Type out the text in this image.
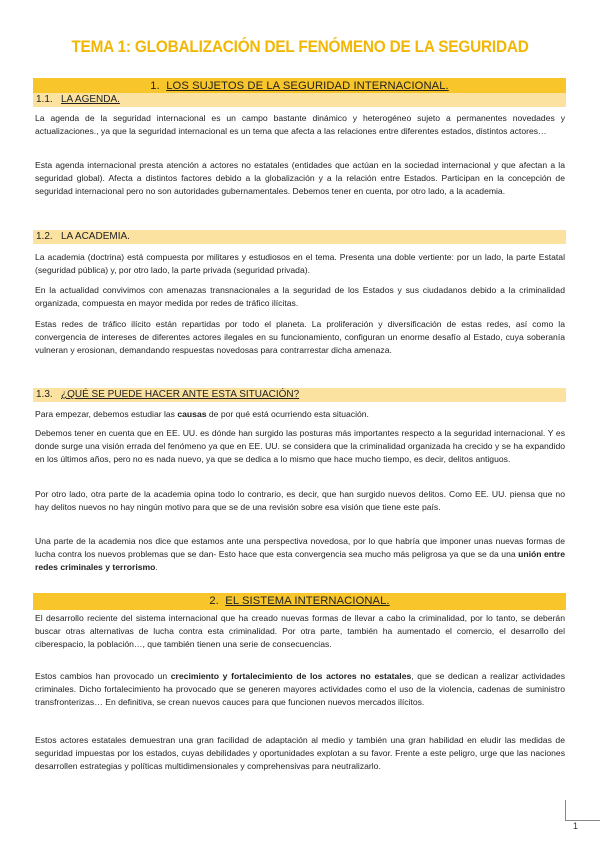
TEMA 1: GLOBALIZACIÓN DEL FENÓMENO DE LA SEGURIDAD
1. LOS SUJETOS DE LA SEGURIDAD INTERNACIONAL.
1.1. LA AGENDA.
La agenda de la seguridad internacional es un campo bastante dinámico y heterogéneo sujeto a permanentes novedades y actualizaciones., ya que la seguridad internacional es un tema que afecta a las relaciones entre diferentes estados, distintos actores…
Esta agenda internacional presta atención a actores no estatales (entidades que actúan en la sociedad internacional y que afectan a la seguridad global). Afecta a distintos factores debido a la globalización y a la relación entre Estados. Participan en la concepción de seguridad internacional pero no son autoridades gubernamentales. Debemos tener en cuenta, por otro lado, a la academia.
1.2. LA ACADEMIA.
La academia (doctrina) está compuesta por militares y estudiosos en el tema. Presenta una doble vertiente: por un lado, la parte Estatal (seguridad pública) y, por otro lado, la parte privada (seguridad privada).
En la actualidad convivimos con amenazas transnacionales a la seguridad de los Estados y sus ciudadanos debido a la criminalidad organizada, compuesta en mayor medida por redes de tráfico ilícitas.
Estas redes de tráfico ilícito están repartidas por todo el planeta. La proliferación y diversificación de estas redes, así como la convergencia de intereses de diferentes actores ilegales en su funcionamiento, configuran un enorme desafío al Estado, cuya soberanía vulneran y erosionan, demandando respuestas novedosas para contrarrestar dicha amenaza.
1.3. ¿QUÉ SE PUEDE HACER ANTE ESTA SITUACIÓN?
Para empezar, debemos estudiar las causas de por qué está ocurriendo esta situación.
Debemos tener en cuenta que en EE. UU. es dónde han surgido las posturas más importantes respecto a la seguridad internacional. Y es donde surge una visión errada del fenómeno ya que en EE. UU. se considera que la criminalidad organizada ha crecido y se ha expandido en los últimos años, pero no es nada nuevo, ya que se dedica a lo mismo que hace mucho tiempo, es decir, delitos antiguos.
Por otro lado, otra parte de la academia opina todo lo contrario, es decir, que han surgido nuevos delitos. Como EE. UU. piensa que no hay delitos nuevos no hay ningún motivo para que se de una revisión sobre esa visión que tiene este país.
Una parte de la academia nos dice que estamos ante una perspectiva novedosa, por lo que habría que imponer unas nuevas formas de lucha contra los nuevos problemas que se dan- Esto hace que esta convergencia sea mucho más peligrosa ya que se da una unión entre redes criminales y terrorismo.
2. EL SISTEMA INTERNACIONAL.
El desarrollo reciente del sistema internacional que ha creado nuevas formas de llevar a cabo la criminalidad, por lo tanto, se deberán buscar otras alternativas de lucha contra esta criminalidad. Por otra parte, también ha aumentado el comercio, el desarrollo del ciberespacio, la población…, que también tienen una serie de consecuencias.
Estos cambios han provocado un crecimiento y fortalecimiento de los actores no estatales, que se dedican a realizar actividades criminales. Dicho fortalecimiento ha provocado que se generen mayores actividades como el uso de la violencia, cadenas de suministro transfronterizas… En definitiva, se crean nuevos cauces para que funcionen nuevos mercados ilícitos.
Estos actores estatales demuestran una gran facilidad de adaptación al medio y también una gran habilidad en eludir las medidas de seguridad impuestas por los estados, cuyas debilidades y oportunidades explotan a su favor. Frente a este peligro, urge que las naciones desarrollen estrategias y políticas multidimensionales y comprehensivas para neutralizarlo.
1
